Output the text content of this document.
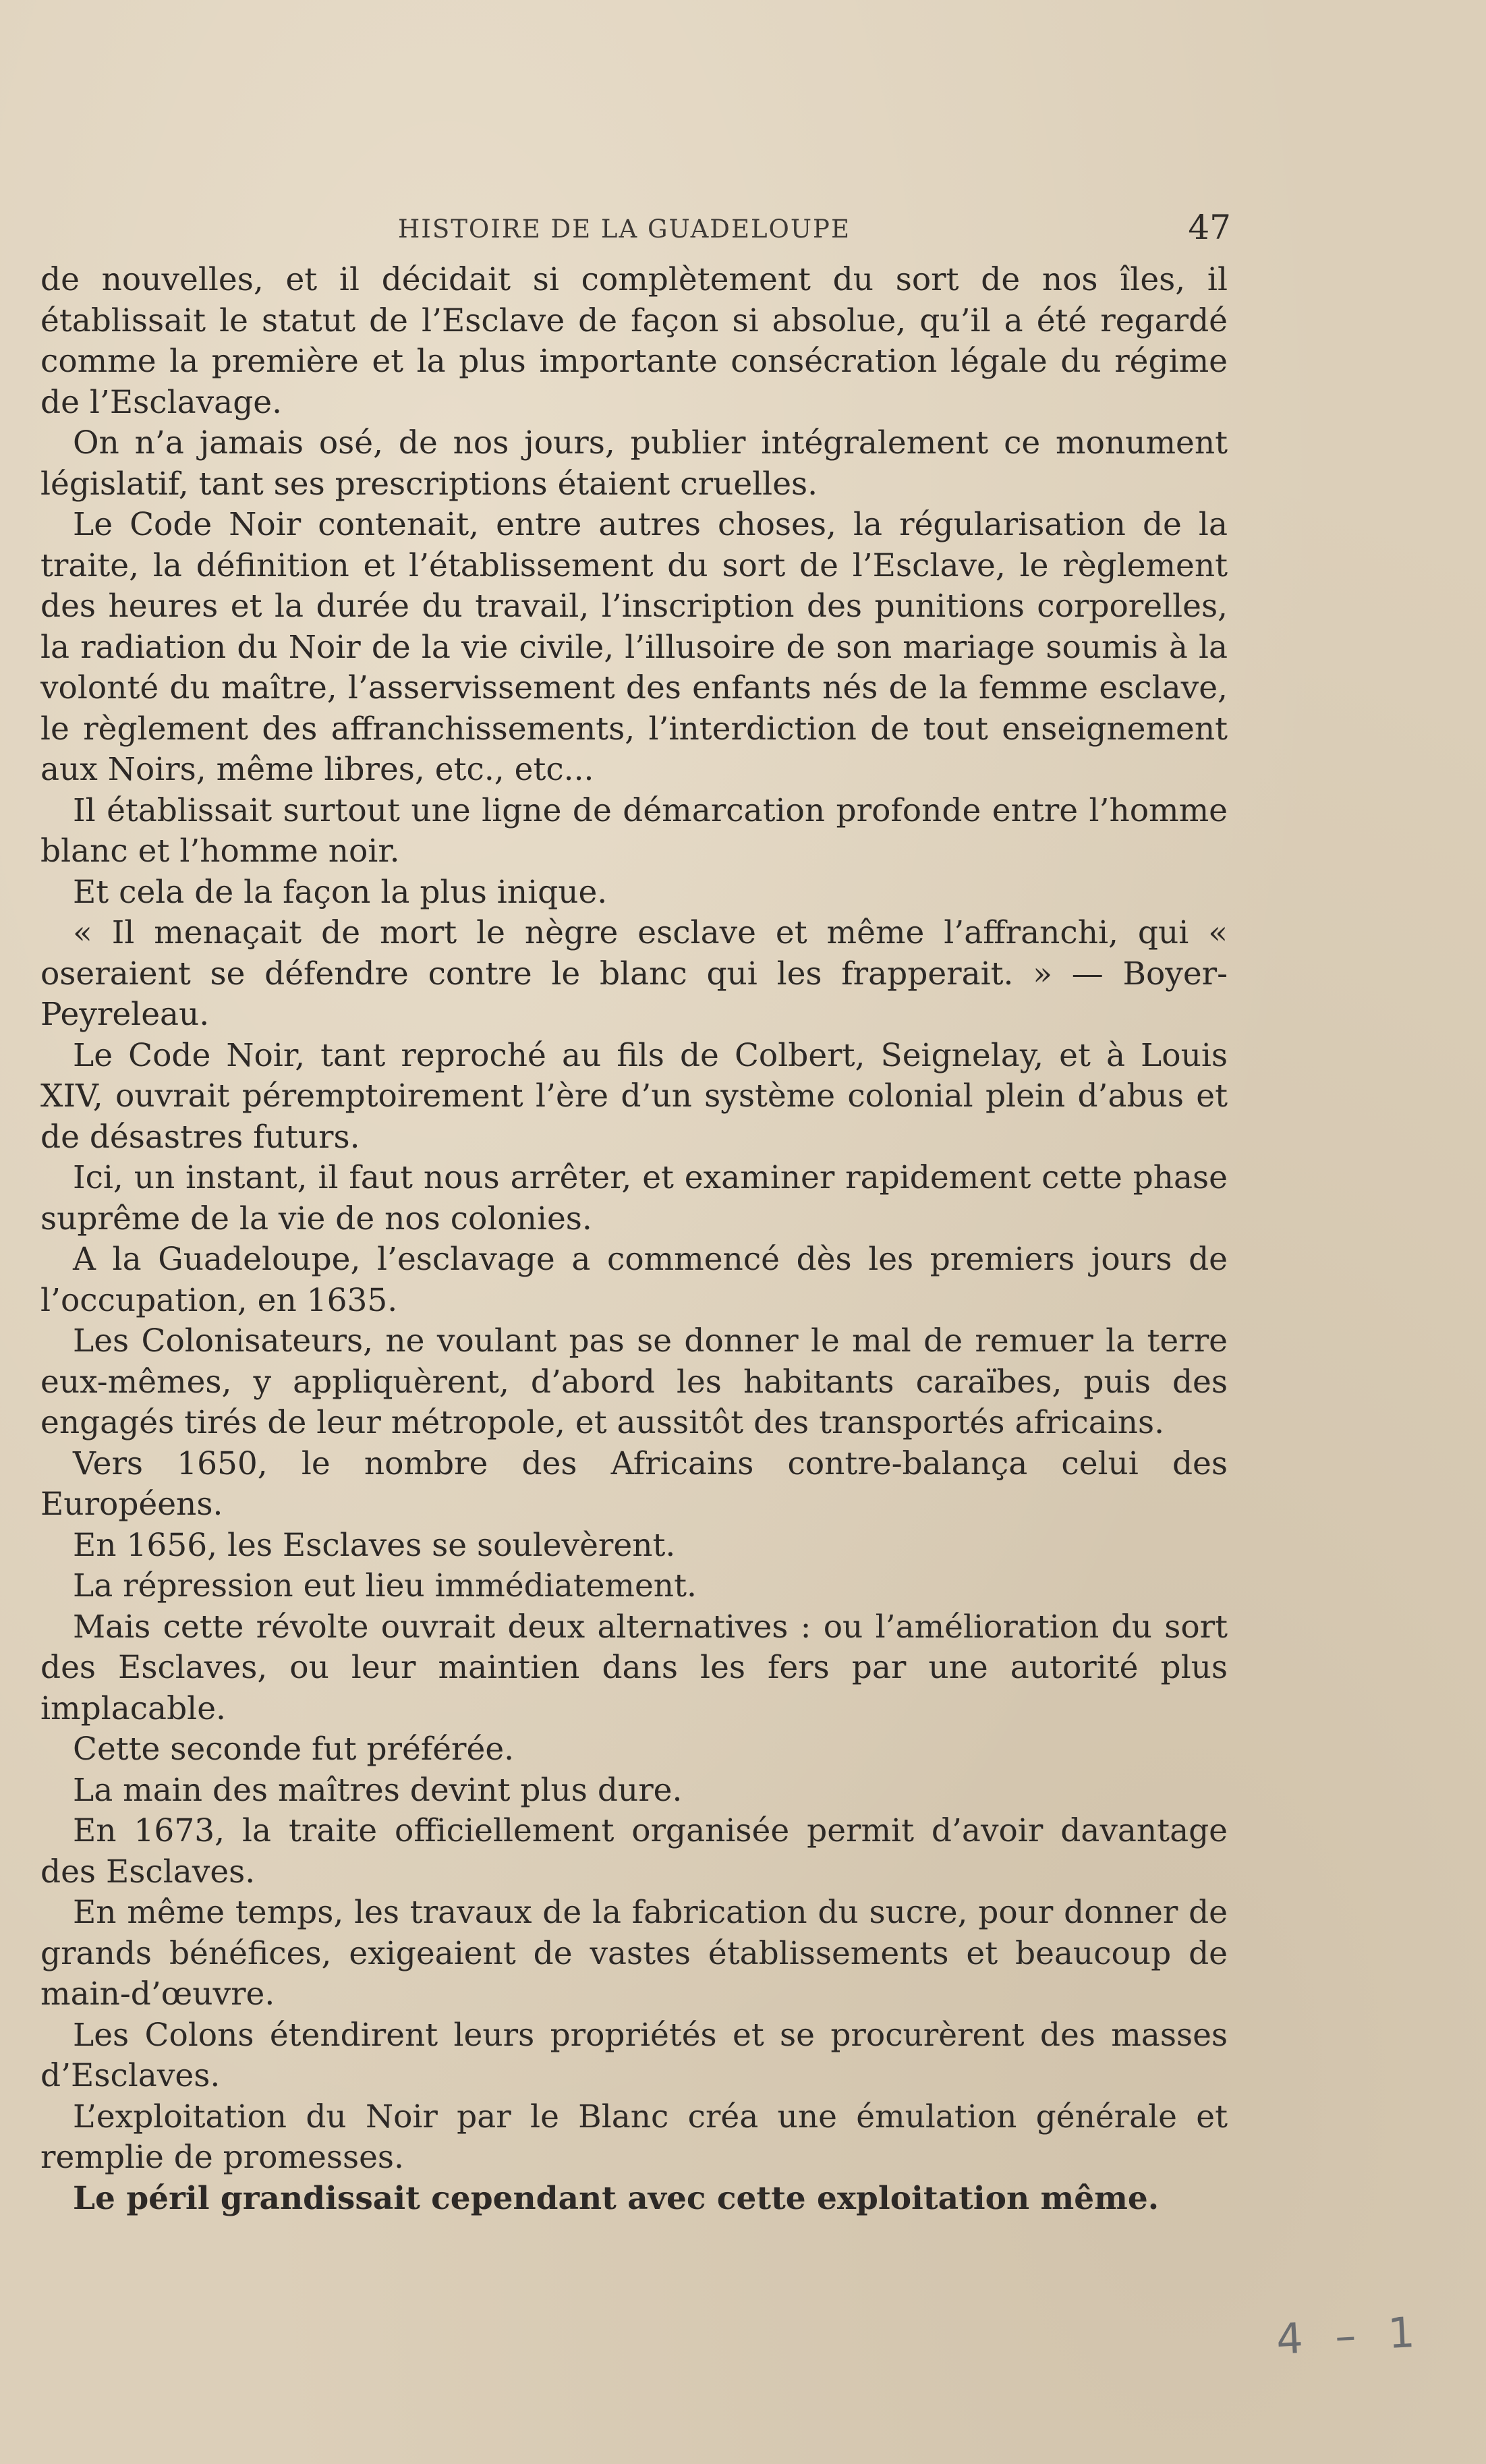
HISTOIRE DE LA GUADELOUPE	47

de nouvelles, et il décidait si complètement du sort de nos îles, il établissait le statut de l’Esclave de façon si absolue, qu’il a été regardé comme la première et la plus importante consécration légale du régime de l’Esclavage.

On n’a jamais osé, de nos jours, publier intégralement ce monument législatif, tant ses prescriptions étaient cruelles.

Le Code Noir contenait, entre autres choses, la régularisation de la traite, la définition et l’établissement du sort de l’Esclave, le règlement des heures et la durée du travail, l’inscription des punitions corporelles, la radiation du Noir de la vie civile, l’illusoire de son mariage soumis à la volonté du maître, l’asservissement des enfants nés de la femme esclave, le règlement des affranchissements, l’interdiction de tout enseignement aux Noirs, même libres, etc., etc...

Il établissait surtout une ligne de démarcation profonde entre l’homme blanc et l’homme noir.

Et cela de la façon la plus inique.

« Il menaçait de mort le nègre esclave et même l’affranchi, qui « oseraient se défendre contre le blanc qui les frapperait. » — Boyer-Peyreleau.

Le Code Noir, tant reproché au fils de Colbert, Seignelay, et à Louis XIV, ouvrait péremptoirement l’ère d’un système colonial plein d’abus et de désastres futurs.

Ici, un instant, il faut nous arrêter, et examiner rapidement cette phase suprême de la vie de nos colonies.

A la Guadeloupe, l’esclavage a commencé dès les premiers jours de l’occupation, en 1635.

Les Colonisateurs, ne voulant pas se donner le mal de remuer la terre eux-mêmes, y appliquèrent, d’abord les habitants caraïbes, puis des engagés tirés de leur métropole, et aussitôt des transportés africains.

Vers 1650, le nombre des Africains contre-balança celui des Européens.

En 1656, les Esclaves se soulevèrent.

La répression eut lieu immédiatement.

Mais cette révolte ouvrait deux alternatives : ou l’amélioration du sort des Esclaves, ou leur maintien dans les fers par une autorité plus implacable.

Cette seconde fut préférée.

La main des maîtres devint plus dure.

En 1673, la traite officiellement organisée permit d’avoir davantage des Esclaves.

En même temps, les travaux de la fabrication du sucre, pour donner de grands bénéfices, exigeaient de vastes établissements et beaucoup de main-d’œuvre.

Les Colons étendirent leurs propriétés et se procurèrent des masses d’Esclaves.

L’exploitation du Noir par le Blanc créa une émulation générale et remplie de promesses.

Le péril grandissait cependant avec cette exploitation même.

4 – 1
